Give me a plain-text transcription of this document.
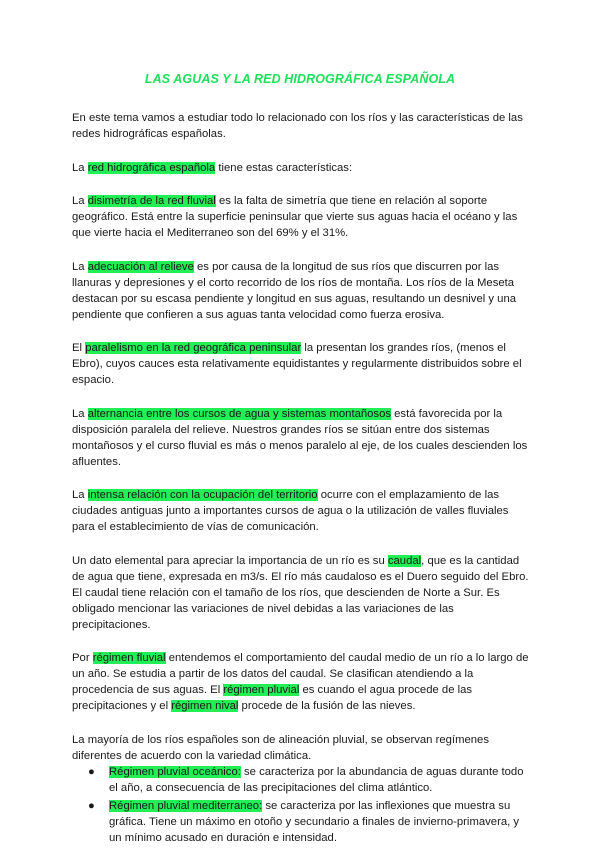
LAS AGUAS Y LA RED HIDROGRÁFICA ESPAÑOLA

En este tema vamos a estudiar todo lo relacionado con los ríos y las características de las redes hidrográficas españolas.

La red hidrográfica española tiene estas características:

La disimetría de la red fluvial es la falta de simetría que tiene en relación al soporte geográfico. Está entre la superficie peninsular que vierte sus aguas hacia el océano y las que vierte hacia el Mediterraneo son del 69% y el 31%.

La adecuación al relieve es por causa de la longitud de sus ríos que discurren por las llanuras y depresiones y el corto recorrido de los ríos de montaña. Los ríos de la Meseta destacan por su escasa pendiente y longitud en sus aguas, resultando un desnivel y una pendiente que confieren a sus aguas tanta velocidad como fuerza erosiva.

El paralelismo en la red geográfica peninsular la presentan los grandes ríos, (menos el Ebro), cuyos cauces esta relativamente equidistantes y regularmente distribuidos sobre el espacio.

La alternancia entre los cursos de agua y sistemas montañosos está favorecida por la disposición paralela del relieve. Nuestros grandes ríos se sitúan entre dos sistemas montañosos y el curso fluvial es más o menos paralelo al eje, de los cuales descienden los afluentes.

La intensa relación con la ocupación del territorio ocurre con el emplazamiento de las ciudades antiguas junto a importantes cursos de agua o la utilización de valles fluviales para el establecimiento de vías de comunicación.

Un dato elemental para apreciar la importancia de un río es su caudal, que es la cantidad de agua que tiene, expresada en m3/s. El río más caudaloso es el Duero seguido del Ebro.
El caudal tiene relación con el tamaño de los ríos, que descienden de Norte a Sur. Es obligado mencionar las variaciones de nivel debidas a las variaciones de las precipitaciones.

Por régimen fluvial entendemos el comportamiento del caudal medio de un río a lo largo de un año. Se estudia a partir de los datos del caudal. Se clasifican atendiendo a la procedencia de sus aguas. El régimen pluvial es cuando el agua procede de las precipitaciones y el régimen nival procede de la fusión de las nieves.

La mayoría de los ríos españoles son de alineación pluvial, se observan regímenes diferentes de acuerdo con la variedad climática.

● Régimen pluvial oceánico: se caracteriza por la abundancia de aguas durante todo el año, a consecuencia de las precipitaciones del clima atlántico.
● Régimen pluvial mediterraneo: se caracteriza por las inflexiones que muestra su gráfica. Tiene un máximo en otoño y secundario a finales de invierno-primavera, y un mínimo acusado en duración e intensidad.
